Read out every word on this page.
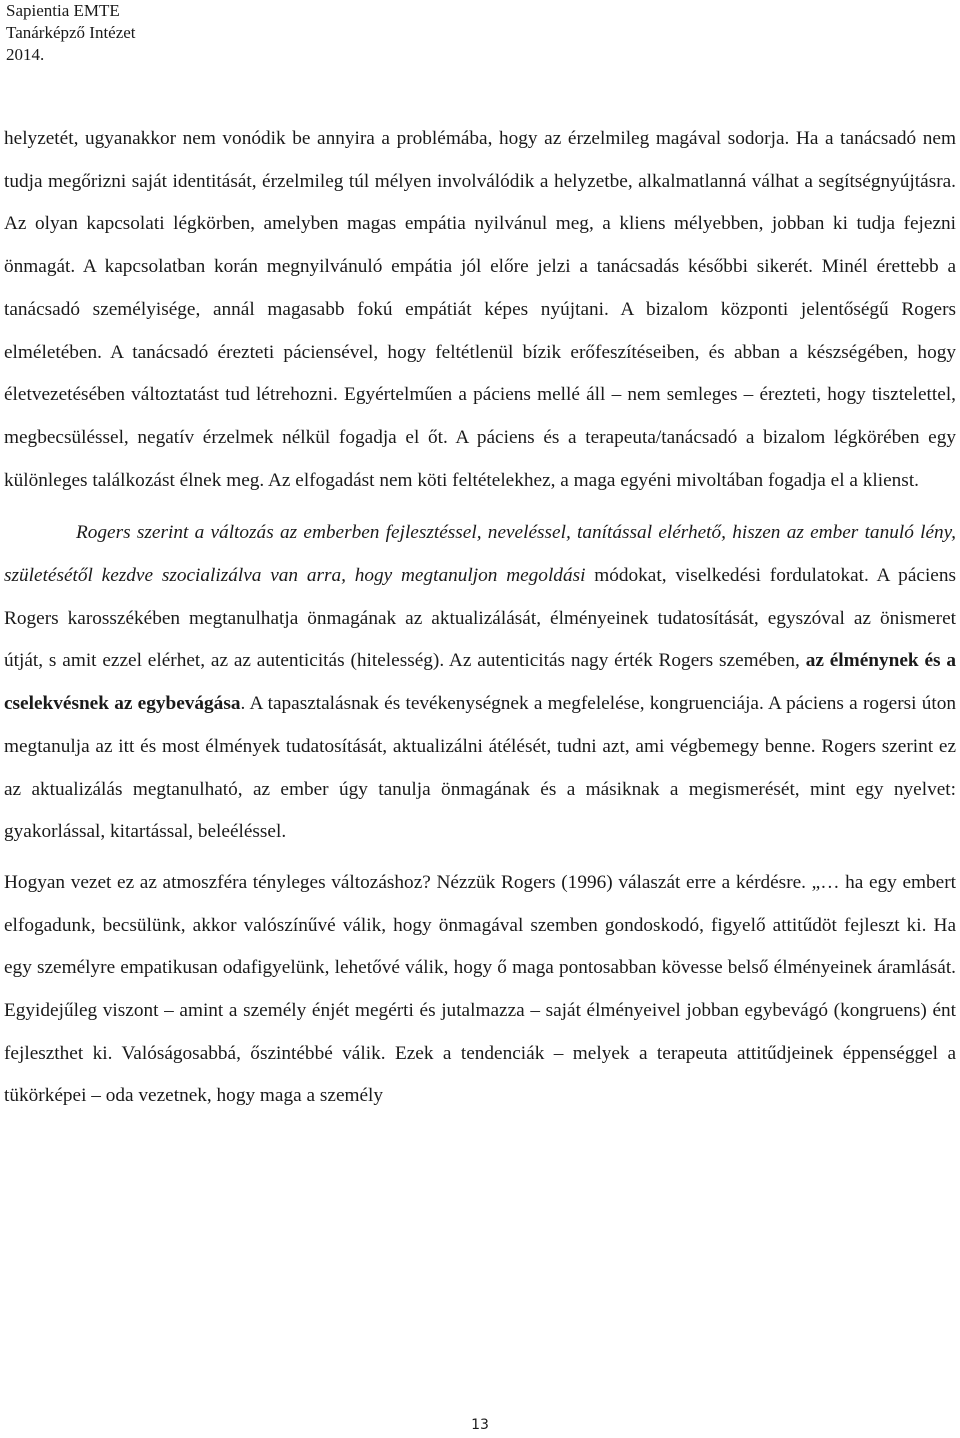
Sapientia EMTE
Tanárképző Intézet
2014.

helyzetét, ugyanakkor nem vonódik be annyira a problémába, hogy az érzelmileg magával sodorja. Ha a tanácsadó nem tudja megőrizni saját identitását, érzelmileg túl mélyen involválódik a helyzetbe, alkalmatlanná válhat a segítségnyújtásra. Az olyan kapcsolati légkörben, amelyben magas empátia nyilvánul meg, a kliens mélyebben, jobban ki tudja fejezni önmagát. A kapcsolatban korán megnyilvánuló empátia jól előre jelzi a tanácsadás későbbi sikerét. Minél érettebb a tanácsadó személyisége, annál magasabb fokú empátiát képes nyújtani. A bizalom központi jelentőségű Rogers elméletében. A tanácsadó érezteti páciensével, hogy feltétlenül bízik erőfeszítéseiben, és abban a készségében, hogy életvezetésében változtatást tud létrehozni. Egyértelműen a páciens mellé áll – nem semleges – érezteti, hogy tisztelettel, megbecsüléssel, negatív érzelmek nélkül fogadja el őt. A páciens és a terapeuta/tanácsadó a bizalom légkörében egy különleges találkozást élnek meg. Az elfogadást nem köti feltételekhez, a maga egyéni mivoltában fogadja el a klienst.

Rogers szerint a változás az emberben fejlesztéssel, neveléssel, tanítással elérhető, hiszen az ember tanuló lény, születésétől kezdve szocializálva van arra, hogy megtanuljon megoldási módokat, viselkedési fordulatokat. A páciens Rogers karosszékében megtanulhatja önmagának az aktualizálását, élményeinek tudatosítását, egyszóval az önismeret útját, s amit ezzel elérhet, az az autenticitás (hitelesség). Az autenticitás nagy érték Rogers szemében, az élménynek és a cselekvésnek az egybevágása. A tapasztalásnak és tevékenységnek a megfelelése, kongruenciája. A páciens a rogersi úton megtanulja az itt és most élmények tudatosítását, aktualizálni átélését, tudni azt, ami végbemegy benne. Rogers szerint ez az aktualizálás megtanulható, az ember úgy tanulja önmagának és a másiknak a megismerését, mint egy nyelvet: gyakorlással, kitartással, beleéléssel.

Hogyan vezet ez az atmoszféra tényleges változáshoz? Nézzük Rogers (1996) válaszát erre a kérdésre. „… ha egy embert elfogadunk, becsülünk, akkor valószínűvé válik, hogy önmagával szemben gondoskodó, figyelő attitűdöt fejleszt ki. Ha egy személyre empatikusan odafigyelünk, lehetővé válik, hogy ő maga pontosabban kövesse belső élményeinek áramlását. Egyidejűleg viszont – amint a személy énjét megérti és jutalmazza – saját élményeivel jobban egybevágó (kongruens) ént fejleszthet ki. Valóságosabbá, őszintébbé válik. Ezek a tendenciák – melyek a terapeuta attitűdjeinek éppenséggel a tükörképei – oda vezetnek, hogy maga a személy

13
